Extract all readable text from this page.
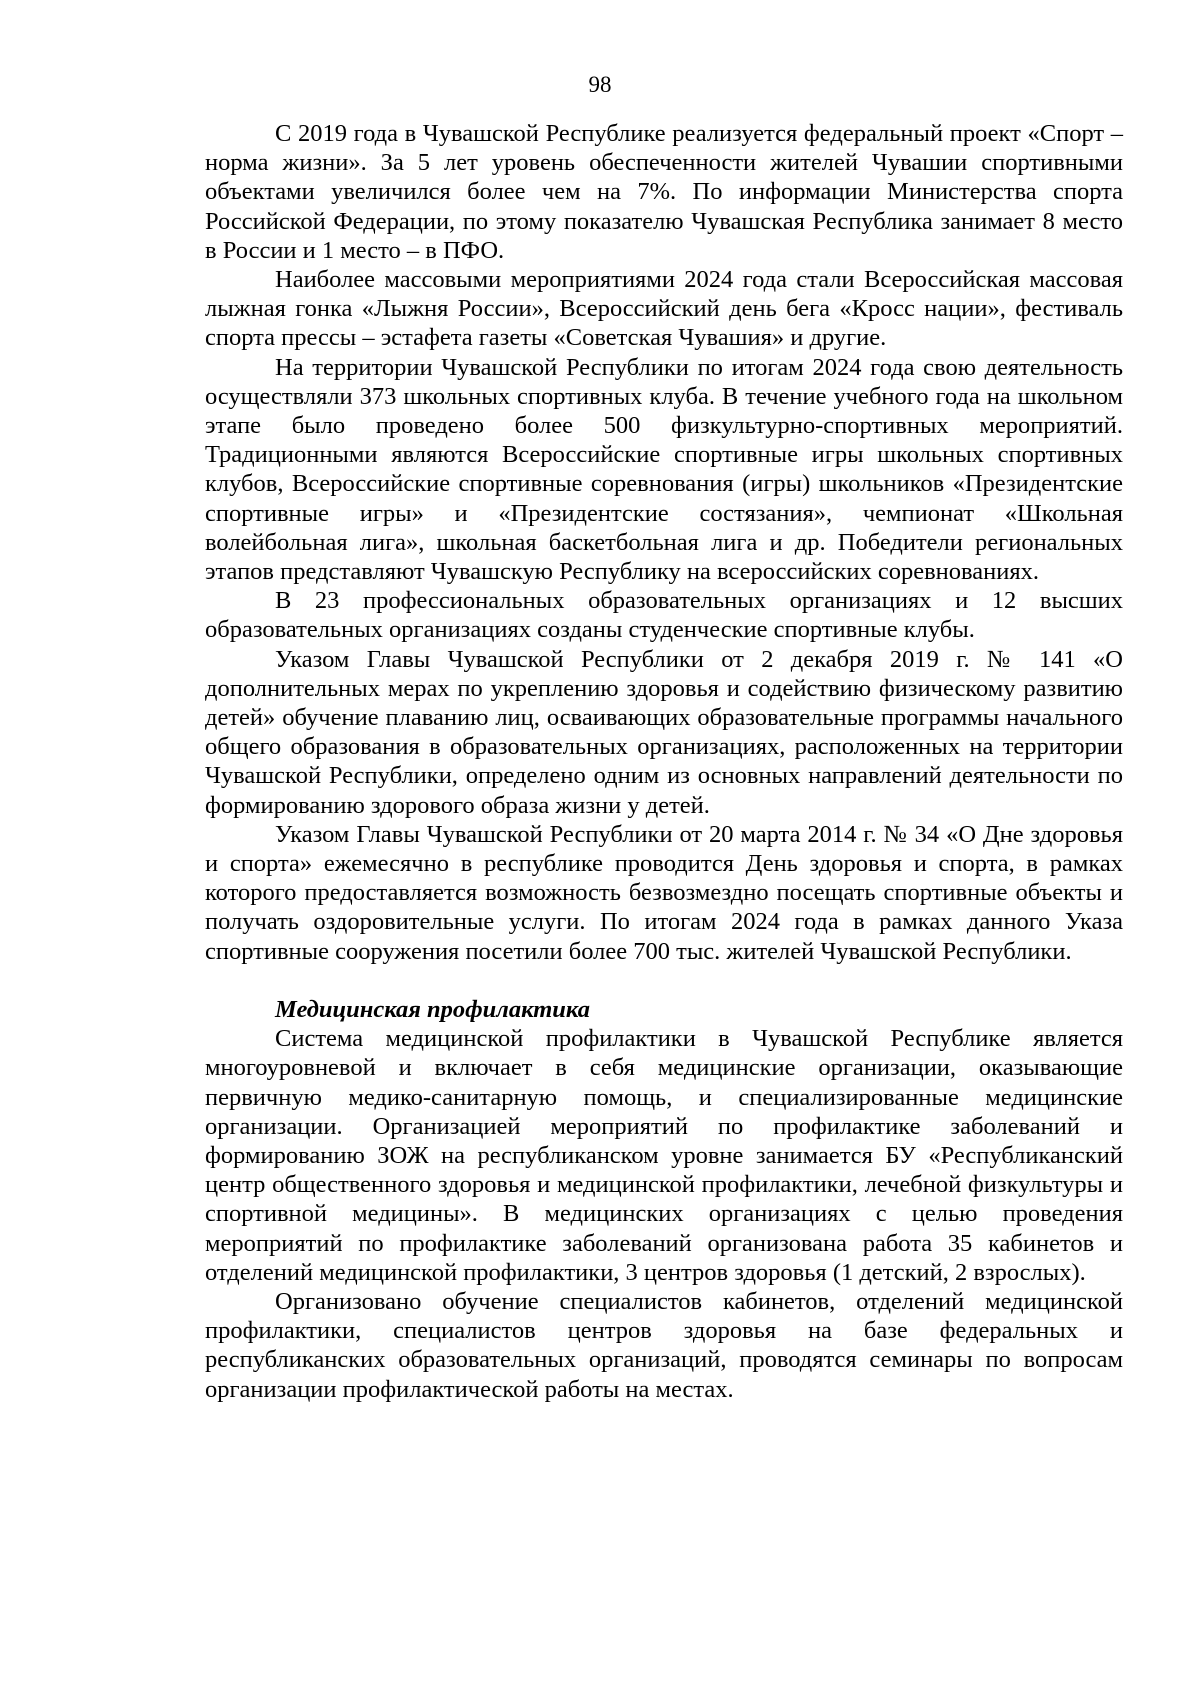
98

С 2019 года в Чувашской Республике реализуется федеральный проект «Спорт – норма жизни». За 5 лет уровень обеспеченности жителей Чувашии спортивными объектами увеличился более чем на 7%. По информации Министерства спорта Российской Федерации, по этому показателю Чувашская Республика занимает 8 место в России и 1 место – в ПФО.

Наиболее массовыми мероприятиями 2024 года стали Всероссийская массовая лыжная гонка «Лыжня России», Всероссийский день бега «Кросс нации», фестиваль спорта прессы – эстафета газеты «Советская Чувашия» и другие.

На территории Чувашской Республики по итогам 2024 года свою деятельность осуществляли 373 школьных спортивных клуба. В течение учебного года на школьном этапе было проведено более 500 физкультурно-спортивных мероприятий. Традиционными являются Всероссийские спортивные игры школьных спортивных клубов, Всероссийские спортивные соревнования (игры) школьников «Президентские спортивные игры» и «Президентские состязания», чемпионат «Школьная волейбольная лига», школьная баскетбольная лига и др. Победители региональных этапов представляют Чувашскую Республику на всероссийских соревнованиях.

В 23 профессиональных образовательных организациях и 12 высших образовательных организациях созданы студенческие спортивные клубы.

Указом Главы Чувашской Республики от 2 декабря 2019 г. № 141 «О дополнительных мерах по укреплению здоровья и содействию физическому развитию детей» обучение плаванию лиц, осваивающих образовательные программы начального общего образования в образовательных организациях, расположенных на территории Чувашской Республики, определено одним из основных направлений деятельности по формированию здорового образа жизни у детей.

Указом Главы Чувашской Республики от 20 марта 2014 г. № 34 «О Дне здоровья и спорта» ежемесячно в республике проводится День здоровья и спорта, в рамках которого предоставляется возможность безвозмездно посещать спортивные объекты и получать оздоровительные услуги. По итогам 2024 года в рамках данного Указа спортивные сооружения посетили более 700 тыс. жителей Чувашской Республики.

Медицинская профилактика

Система медицинской профилактики в Чувашской Республике является многоуровневой и включает в себя медицинские организации, оказывающие первичную медико-санитарную помощь, и специализированные медицинские организации. Организацией мероприятий по профилактике заболеваний и формированию ЗОЖ на республиканском уровне занимается БУ «Республиканский центр общественного здоровья и медицинской профилактики, лечебной физкультуры и спортивной медицины». В медицинских организациях с целью проведения мероприятий по профилактике заболеваний организована работа 35 кабинетов и отделений медицинской профилактики, 3 центров здоровья (1 детский, 2 взрослых).

Организовано обучение специалистов кабинетов, отделений медицинской профилактики, специалистов центров здоровья на базе федеральных и республиканских образовательных организаций, проводятся семинары по вопросам организации профилактической работы на местах.
